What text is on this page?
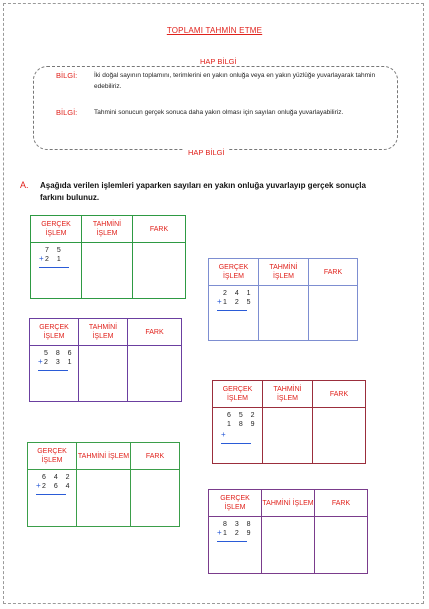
TOPLAMI TAHMİN ETME
HAP BİLGİ
HAP BİLGİ
BİLGİ:	İki doğal sayının toplamını, terimlerini en yakın onluğa veya en yakın yüzlüğe yuvarlayarak tahmin edebiliriz.
BİLGİ:	Tahmini sonucun gerçek sonuca daha yakın olması için sayıları onluğa yuvarlayabiliriz.
A. Aşağıda verilen işlemleri yaparken sayıları en yakın onluğa yuvarlayıp gerçek sonuçla farkını bulunuz.
GERÇEK İŞLEM	TAHMİNİ İŞLEM	FARK

7 5
2 1
+		

GERÇEK İŞLEM	TAHMİNİ İŞLEM	FARK

2 4 1
1 2 5
+		

GERÇEK İŞLEM	TAHMİNİ İŞLEM	FARK

5 8 6
2 3 1
+		

GERÇEK İŞLEM	TAHMİNİ İŞLEM	FARK

6 5 2
1 8 9
+		

GERÇEK İŞLEM	TAHMİNİ İŞLEM	FARK

6 4 2
2 6 4
+		

GERÇEK İŞLEM	TAHMİNİ İŞLEM	FARK

8 3 8
1 2 9
+		
